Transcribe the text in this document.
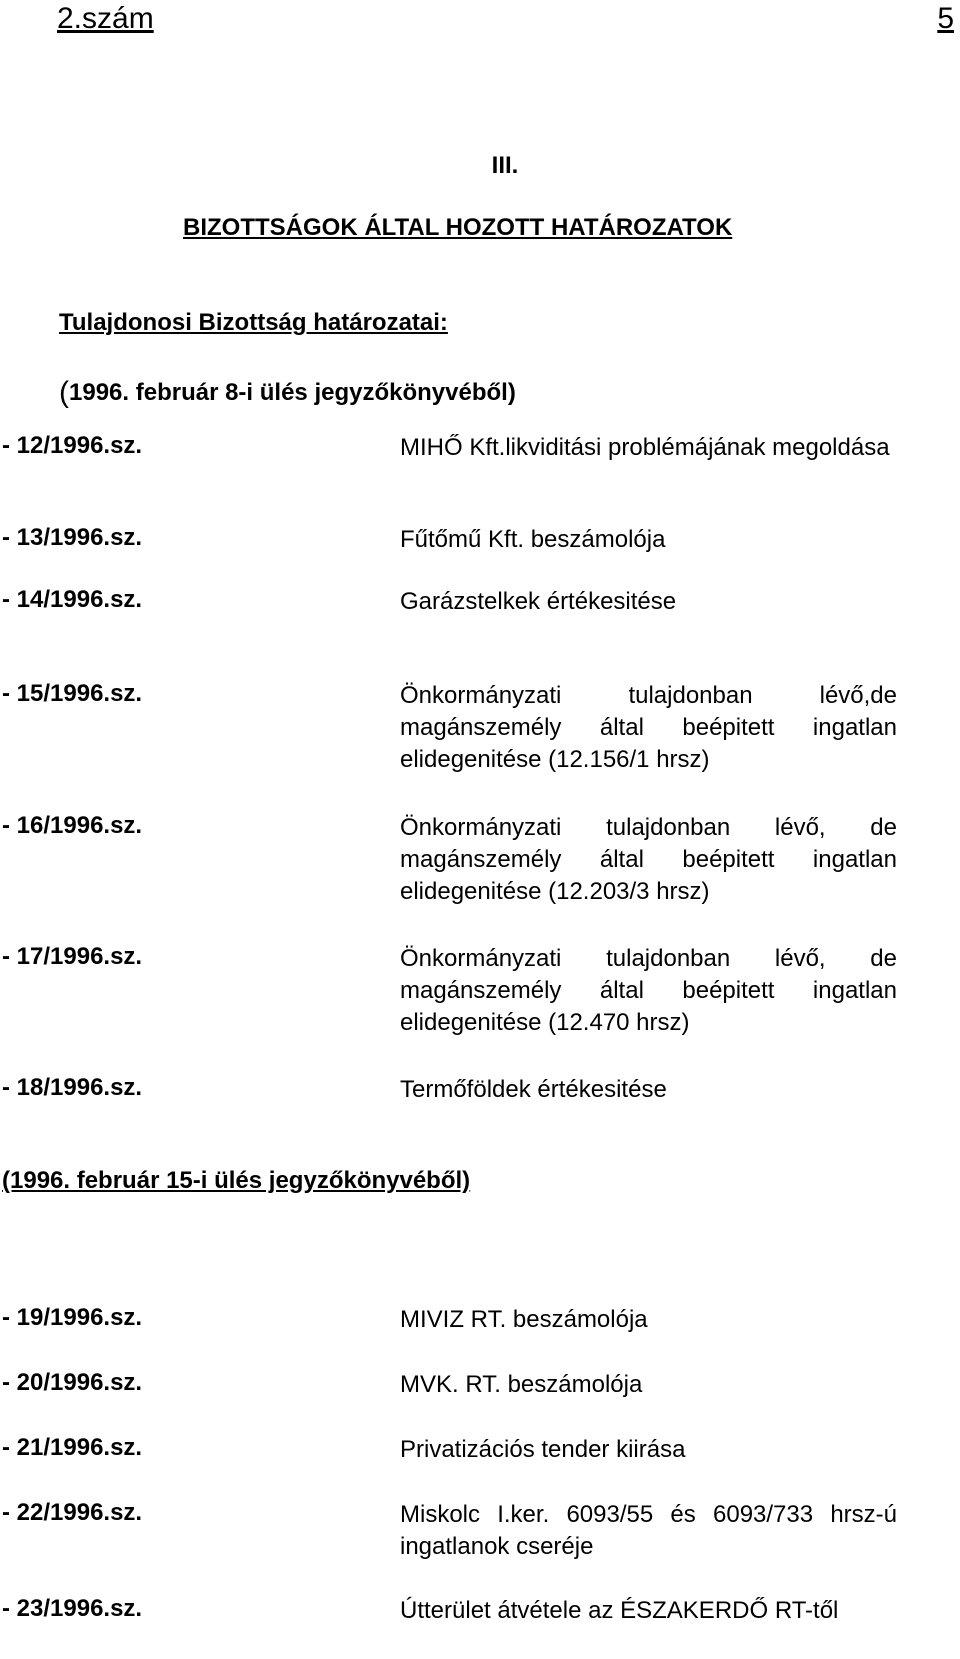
2.szám	5
III.
BIZOTTSÁGOK ÁLTAL HOZOTT HATÁROZATOK
Tulajdonosi Bizottság határozatai:
(1996. február 8-i ülés jegyzőkönyvéből)
- 12/1996.sz.	MIHŐ Kft.likviditási problémájának megoldása
- 13/1996.sz.	Fűtőmű Kft. beszámolója
- 14/1996.sz.	Garázstelkek értékesitése
- 15/1996.sz.	Önkormányzati tulajdonban lévő,de magánszemély által beépitett ingatlan elidegenitése (12.156/1 hrsz)
- 16/1996.sz.	Önkormányzati tulajdonban lévő, de magánszemély által beépitett ingatlan elidegenitése (12.203/3 hrsz)
- 17/1996.sz.	Önkormányzati tulajdonban lévő, de magánszemély által beépitett ingatlan elidegenitése (12.470 hrsz)
- 18/1996.sz.	Termőföldek értékesitése
(1996. február 15-i ülés jegyzőkönyvéből)
- 19/1996.sz.	MIVIZ RT. beszámolója
- 20/1996.sz.	MVK. RT. beszámolója
- 21/1996.sz.	Privatizációs tender kiirása
- 22/1996.sz.	Miskolc I.ker. 6093/55 és 6093/733 hrsz-ú ingatlanok cseréje
- 23/1996.sz.	Útterület átvétele az ÉSZAKERDŐ RT-től
